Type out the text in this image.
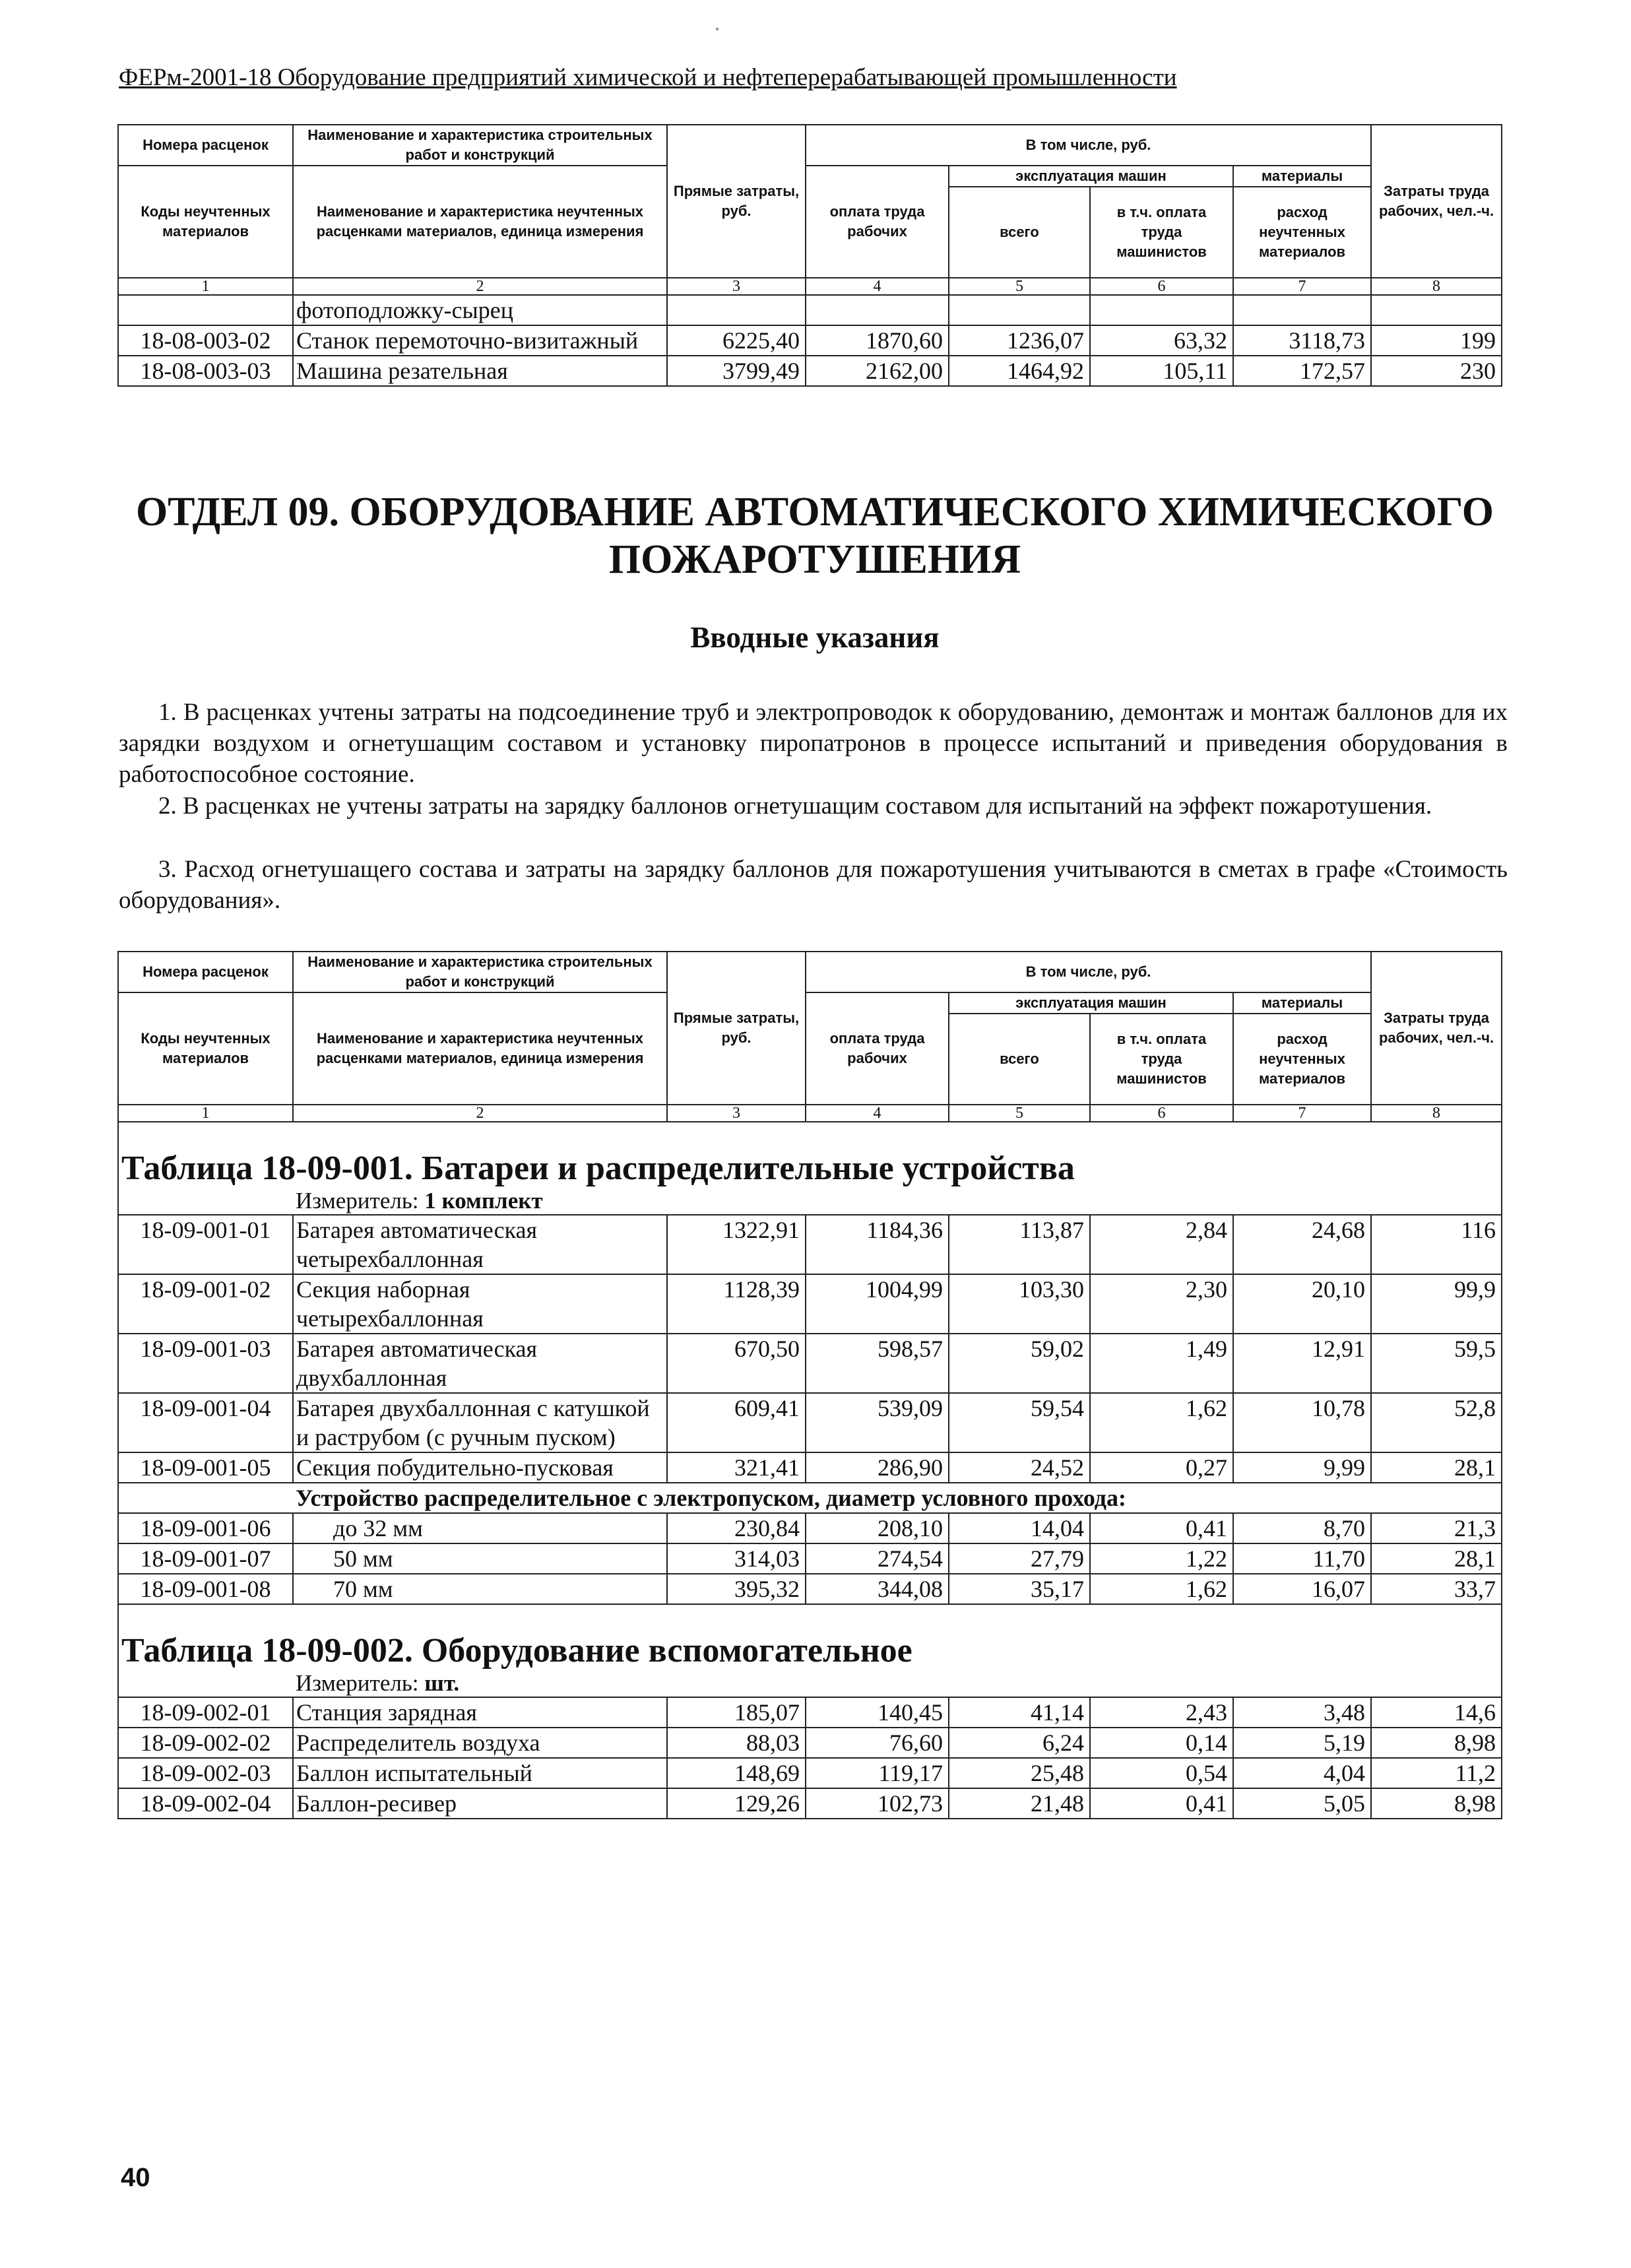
ФЕРм-2001-18 Оборудование предприятий химической и нефтеперерабатывающей промышленности
Номера расценок	Наименование и характеристика строительных работ и конструкций	Прямые затраты, руб.	В том числе, руб.				Затраты труда рабочих, чел.-ч.
Коды неучтенных материалов	Наименование и характеристика неучтенных расценками материалов, единица измерения		оплата труда рабочих	эксплуатация машин		материалы	
				всего	в т.ч. оплата труда машинистов	расход неучтенных материалов	
1	2	3	4	5	6	7	8
	фотоподложку-сырец						
18-08-003-02	Станок перемоточно-визитажный	6225,40	1870,60	1236,07	63,32	3118,73	199
18-08-003-03	Машина резательная	3799,49	2162,00	1464,92	105,11	172,57	230
ОТДЕЛ 09. ОБОРУДОВАНИЕ АВТОМАТИЧЕСКОГО ХИМИЧЕСКОГО
ПОЖАРОТУШЕНИЯ
Вводные указания
1. В расценках учтены затраты на подсоединение труб и электропроводок к оборудованию, демонтаж и монтаж баллонов для их зарядки воздухом и огнетушащим составом и установку пиропатронов в процессе испытаний и приведения оборудования в работоспособное состояние.
2. В расценках не учтены затраты на зарядку баллонов огнетушащим составом для испытаний на эффект пожаротушения.
3. Расход огнетушащего состава и затраты на зарядку баллонов для пожаротушения учитываются в сметах в графе «Стоимость оборудования».
Номера расценок	Наименование и характеристика строительных работ и конструкций	Прямые затраты, руб.	В том числе, руб.				Затраты труда рабочих, чел.-ч.
Коды неучтенных материалов	Наименование и характеристика неучтенных расценками материалов, единица измерения		оплата труда рабочих	эксплуатация машин		материалы	
				всего	в т.ч. оплата труда машинистов	расход неучтенных материалов	
1	2	3	4	5	6	7	8
Таблица 18-09-001. Батареи и распределительные устройства							
Измеритель: 1 комплект							
18-09-001-01	Батарея автоматическая четырехбаллонная	1322,91	1184,36	113,87	2,84	24,68	116
18-09-001-02	Секция наборная четырехбаллонная	1128,39	1004,99	103,30	2,30	20,10	99,9
18-09-001-03	Батарея автоматическая двухбаллонная	670,50	598,57	59,02	1,49	12,91	59,5
18-09-001-04	Батарея двухбаллонная с катушкой и раструбом (с ручным пуском)	609,41	539,09	59,54	1,62	10,78	52,8
18-09-001-05	Секция побудительно-пусковая	321,41	286,90	24,52	0,27	9,99	28,1
Устройство распределительное с электропуском, диаметр условного прохода:							
18-09-001-06	до 32 мм	230,84	208,10	14,04	0,41	8,70	21,3
18-09-001-07	50 мм	314,03	274,54	27,79	1,22	11,70	28,1
18-09-001-08	70 мм	395,32	344,08	35,17	1,62	16,07	33,7
Таблица 18-09-002. Оборудование вспомогательное							
Измеритель: шт.							
18-09-002-01	Станция зарядная	185,07	140,45	41,14	2,43	3,48	14,6
18-09-002-02	Распределитель воздуха	88,03	76,60	6,24	0,14	5,19	8,98
18-09-002-03	Баллон испытательный	148,69	119,17	25,48	0,54	4,04	11,2
18-09-002-04	Баллон-ресивер	129,26	102,73	21,48	0,41	5,05	8,98
40
